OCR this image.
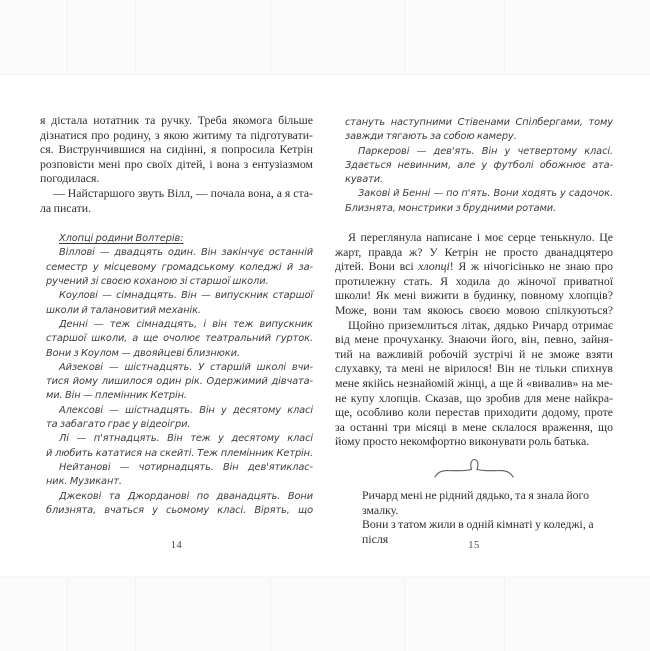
я дістала нотатник та ручку. Треба якомога більше
дізнатися про родину, з якою житиму та підготувати-
ся. Виструнчившися на сидінні, я попросила Кетрін
розповісти мені про своїх дітей, і вона з ентузіазмом
погодилася.
— Найстаршого звуть Вілл, — почала вона, а я ста-
ла писати.
Хлопці родини Волтерів:
Віллові — двадцять один. Він закінчує останній
семестр у місцевому громадському коледжі й за-
ручений зі своєю коханою зі старшої школи.
Коулові — сімнадцять. Він — випускник старшої
школи й талановитий механік.
Денні — теж сімнадцять, і він теж випускник
старшої школи, а ще очолює театральний гурток.
Вони з Коулом — двояйцеві близнюки.
Айзекові — шістнадцять. У старшій школі вчи-
тися йому лишилося один рік. Одержимий дівчата-
ми. Він — племінник Кетрін.
Алексові — шістнадцять. Він у десятому класі
та забагато грає у відеоігри.
Лі — п'ятнадцять. Він теж у десятому класі
й любить кататися на скейті. Теж племінник Кетрін.
Нейтанові — чотирнадцять. Він дев'ятиклас-
ник. Музикант.
Джекові та Джорданові по дванадцять. Вони
близнята, вчаться у сьомому класі. Вірять, що
14
стануть наступними Стівенами Спілбергами, тому
завжди тягають за собою камеру.
Паркерові — дев'ять. Він у четвертому класі.
Здається невинним, але у футболі обожнює ата-
кувати.
Закові й Бенні — по п'ять. Вони ходять у садочок.
Близнята, монстрики з брудними ротами.
Я переглянула написане і моє серце тенькнуло. Це
жарт, правда ж? У Кетрін не просто дванадцятеро
дітей. Вони всі хлопці! Я ж нічогісінько не знаю про
протилежну стать. Я ходила до жіночої приватної
школи! Як мені вижити в будинку, повному хлопців?
Може, вони там якоюсь своєю мовою спілкуються?
Щойно приземлиться літак, дядько Ричард отримає
від мене прочуханку. Знаючи його, він, певно, зайня-
тий на важливій робочій зустрічі й не зможе взяти
слухавку, та мені не вірилося! Він не тільки спихнув
мене якійсь незнайомій жінці, а ще й «вивалив» на ме-
не купу хлопців. Сказав, що зробив для мене найкра-
ще, особливо коли перестав приходити додому, проте
за останні три місяці в мене склалося враження, що
йому просто некомфортно виконувати роль батька.
Ричард мені не рідний дядько, та я знала його змалку.
Вони з татом жили в одній кімнаті у коледжі, а після	15
